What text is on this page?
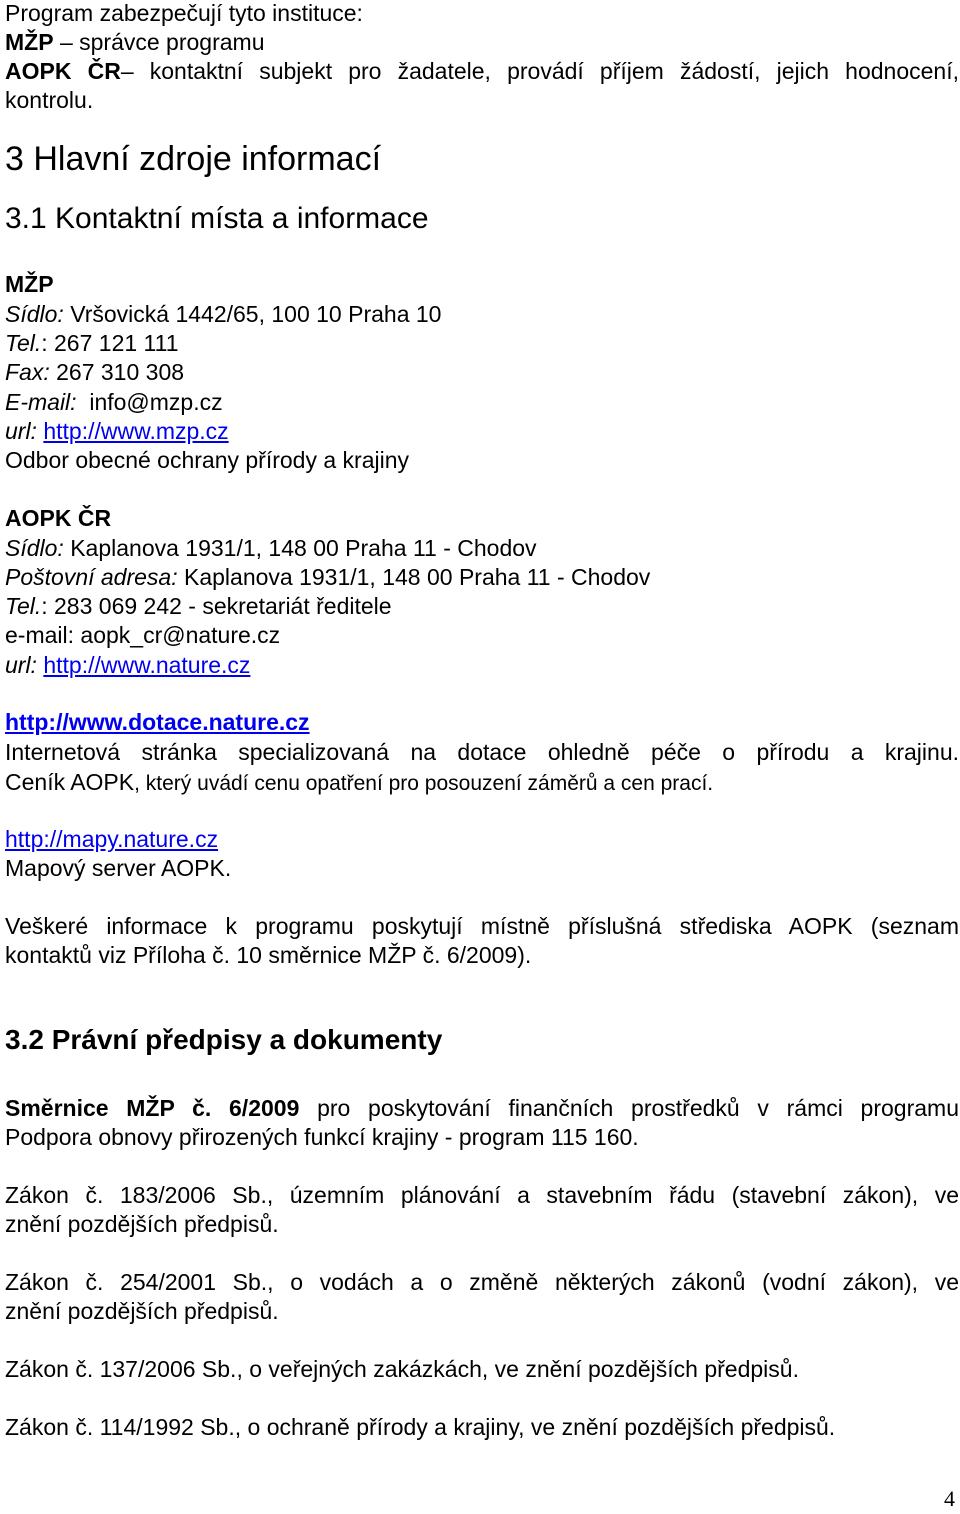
Program zabezpečují tyto instituce:
MŽP – správce programu
AOPK ČR– kontaktní subjekt pro žadatele, provádí příjem žádostí, jejich hodnocení,
kontrolu.
3 Hlavní zdroje informací
3.1 Kontaktní místa a informace
MŽP
Sídlo: Vršovická 1442/65, 100 10 Praha 10
Tel.: 267 121 111
Fax: 267 310 308
E-mail:  info@mzp.cz
url: http://www.mzp.cz
Odbor obecné ochrany přírody a krajiny
AOPK ČR
Sídlo: Kaplanova 1931/1, 148 00 Praha 11 - Chodov
Poštovní adresa: Kaplanova 1931/1, 148 00 Praha 11 - Chodov
Tel.: 283 069 242 - sekretariát ředitele
e-mail: aopk_cr@nature.cz
url: http://www.nature.cz
http://www.dotace.nature.cz
Internetová stránka specializovaná na dotace ohledně péče o přírodu a krajinu.
Ceník AOPK, který uvádí cenu opatření pro posouzení záměrů a cen prací.
http://mapy.nature.cz
Mapový server AOPK.
Veškeré informace k programu poskytují místně příslušná střediska AOPK (seznam
kontaktů viz Příloha č. 10 směrnice MŽP č. 6/2009).
3.2 Právní předpisy a dokumenty
Směrnice MŽP č. 6/2009 pro poskytování finančních prostředků v rámci programu
Podpora obnovy přirozených funkcí krajiny - program 115 160.
Zákon č. 183/2006 Sb., územním plánování a stavebním řádu (stavební zákon), ve
znění pozdějších předpisů.
Zákon č. 254/2001 Sb., o vodách a o změně některých zákonů (vodní zákon), ve
znění pozdějších předpisů.
Zákon č. 137/2006 Sb., o veřejných zakázkách, ve znění pozdějších předpisů.
Zákon č. 114/1992 Sb., o ochraně přírody a krajiny, ve znění pozdějších předpisů.
4
